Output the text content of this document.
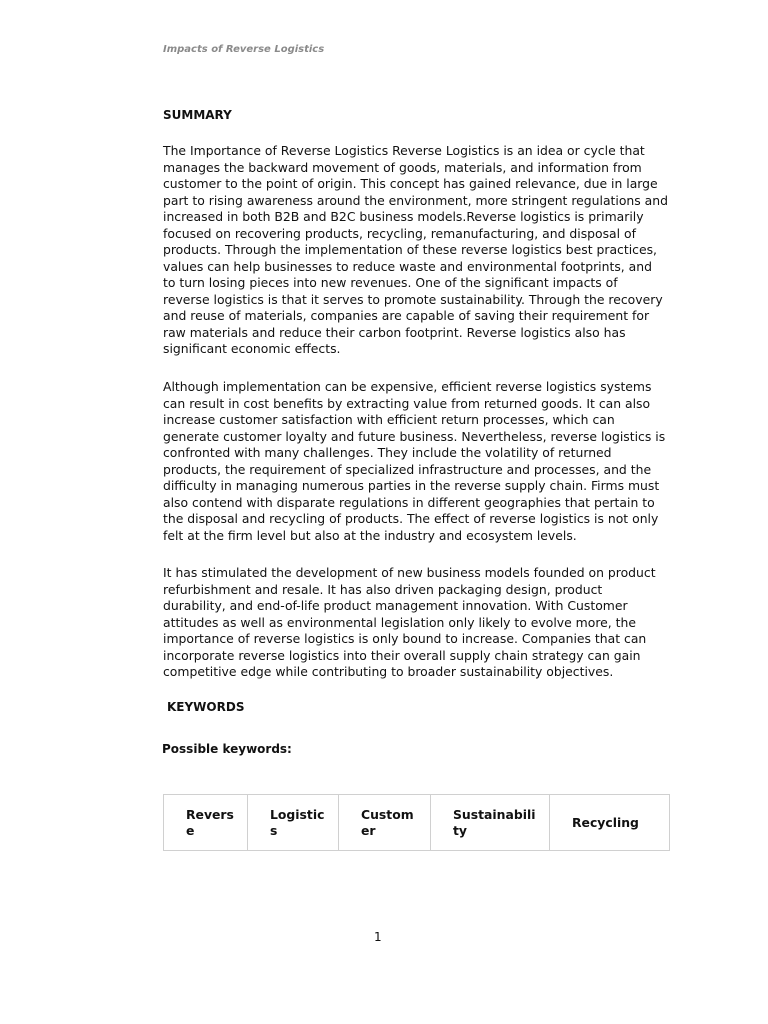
Impacts of Reverse Logistics
SUMMARY

The Importance of Reverse Logistics Reverse Logistics is an idea or cycle that manages the backward movement of goods, materials, and information from customer to the point of origin. This concept has gained relevance, due in large part to rising awareness around the environment, more stringent regulations and increased in both B2B and B2C business models.Reverse logistics is primarily focused on recovering products, recycling, remanufacturing, and disposal of products. Through the implementation of these reverse logistics best practices, values can help businesses to reduce waste and environmental footprints, and to turn losing pieces into new revenues. One of the significant impacts of reverse logistics is that it serves to promote sustainability. Through the recovery and reuse of materials, companies are capable of saving their requirement for raw materials and reduce their carbon footprint. Reverse logistics also has significant economic effects.

Although implementation can be expensive, efficient reverse logistics systems can result in cost benefits by extracting value from returned goods. It can also increase customer satisfaction with efficient return processes, which can generate customer loyalty and future business. Nevertheless, reverse logistics is confronted with many challenges. They include the volatility of returned products, the requirement of specialized infrastructure and processes, and the difficulty in managing numerous parties in the reverse supply chain. Firms must also contend with disparate regulations in different geographies that pertain to the disposal and recycling of products. The effect of reverse logistics is not only felt at the firm level but also at the industry and ecosystem levels.

It has stimulated the development of new business models founded on product refurbishment and resale. It has also driven packaging design, product durability, and end-of-life product management innovation. With Customer attitudes as well as environmental legislation only likely to evolve more, the importance of reverse logistics is only bound to increase. Companies that can incorporate reverse logistics into their overall supply chain strategy can gain competitive edge while contributing to broader sustainability objectives.

KEYWORDS
Possible keywords:
Reverse	Logistics	Customer	Sustainability	Recycling
1
